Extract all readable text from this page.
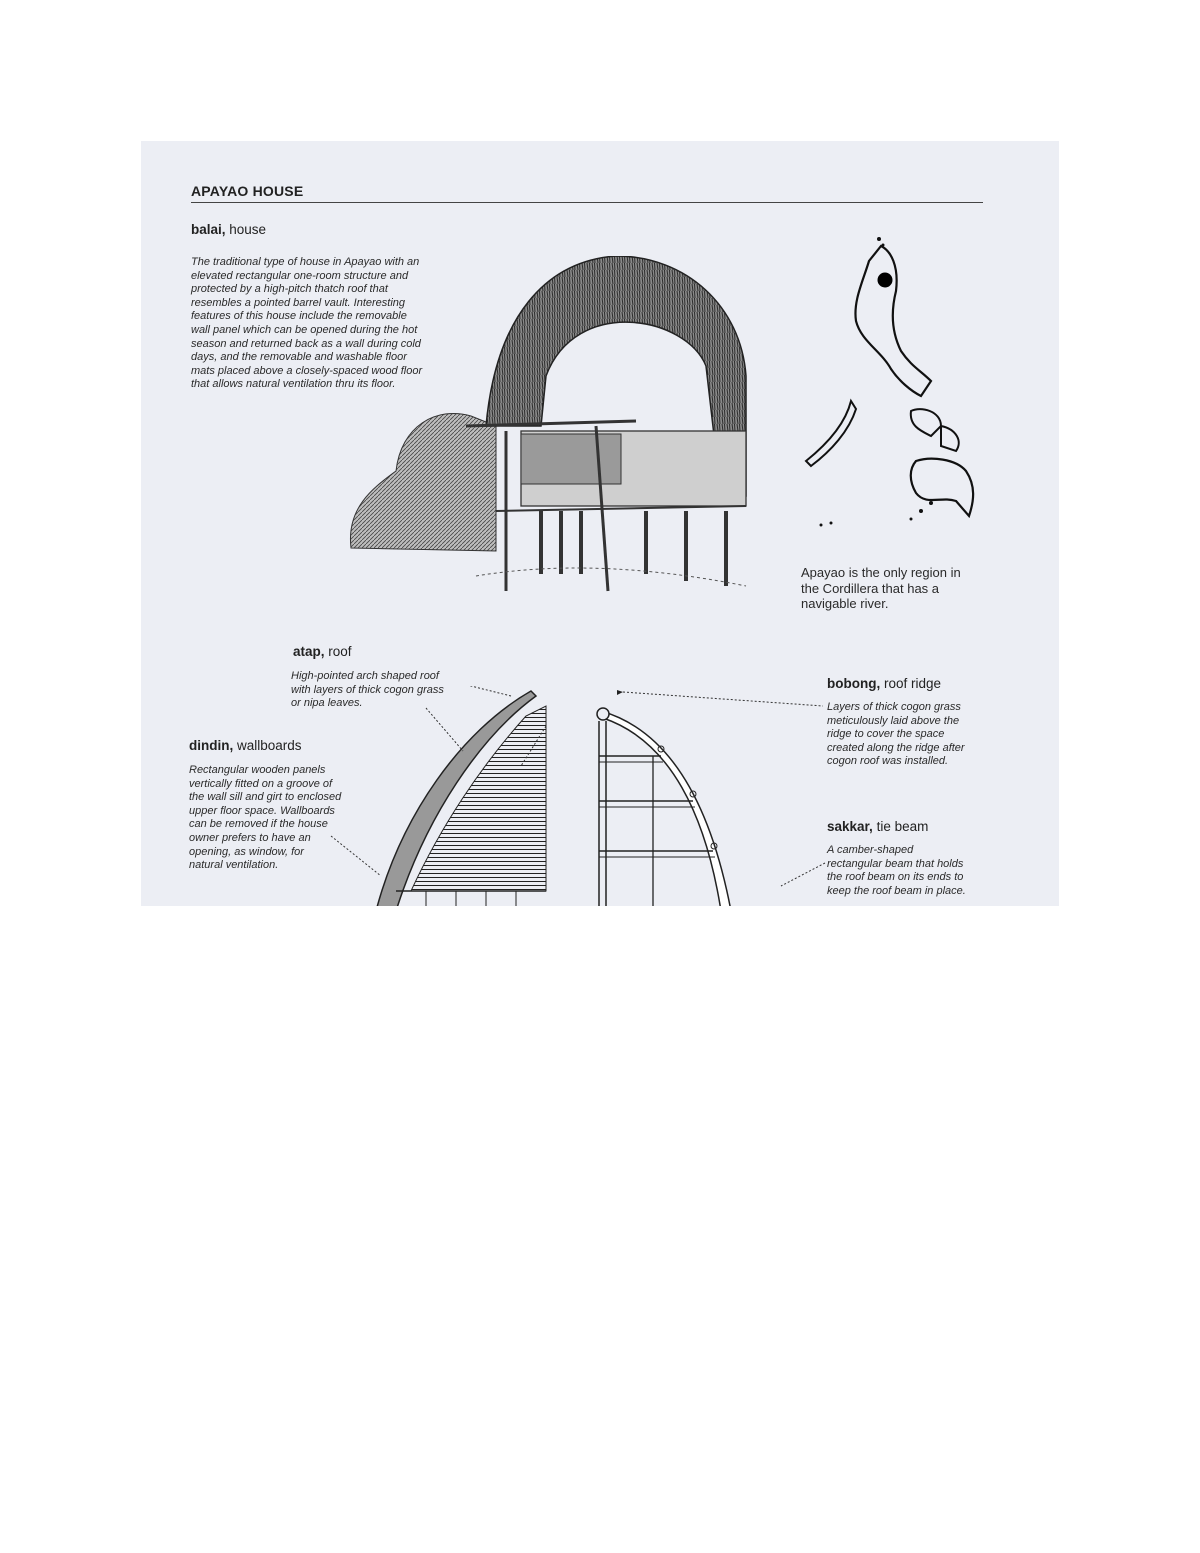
APAYAO HOUSE
balai, house
The traditional type of house in Apayao with an
elevated rectangular one-room structure and
protected by a high-pitch thatch roof that
resembles a pointed barrel vault. Interesting
features of this house include the removable
wall panel which can be opened during the hot
season and returned back as a wall during cold
days, and the removable and washable floor
mats placed above a closely-spaced wood floor
that allows natural ventilation thru its floor.
Apayao is the only region in
the Cordillera that has a
navigable river.
atap, roof
High-pointed arch shaped roof
with layers of thick cogon grass
or nipa leaves.
dindin, wallboards
Rectangular wooden panels
vertically fitted on a groove of
the wall sill and girt to enclosed
upper floor space. Wallboards
can be removed if the house
owner prefers to have an
opening, as window, for
natural ventilation.
bobong, roof ridge
Layers of thick cogon grass
meticulously laid above the
ridge to cover the space
created along the ridge after
cogon roof was installed.
sakkar, tie beam
A camber-shaped
rectangular beam that holds
the roof beam on its ends to
keep the roof beam in place.
